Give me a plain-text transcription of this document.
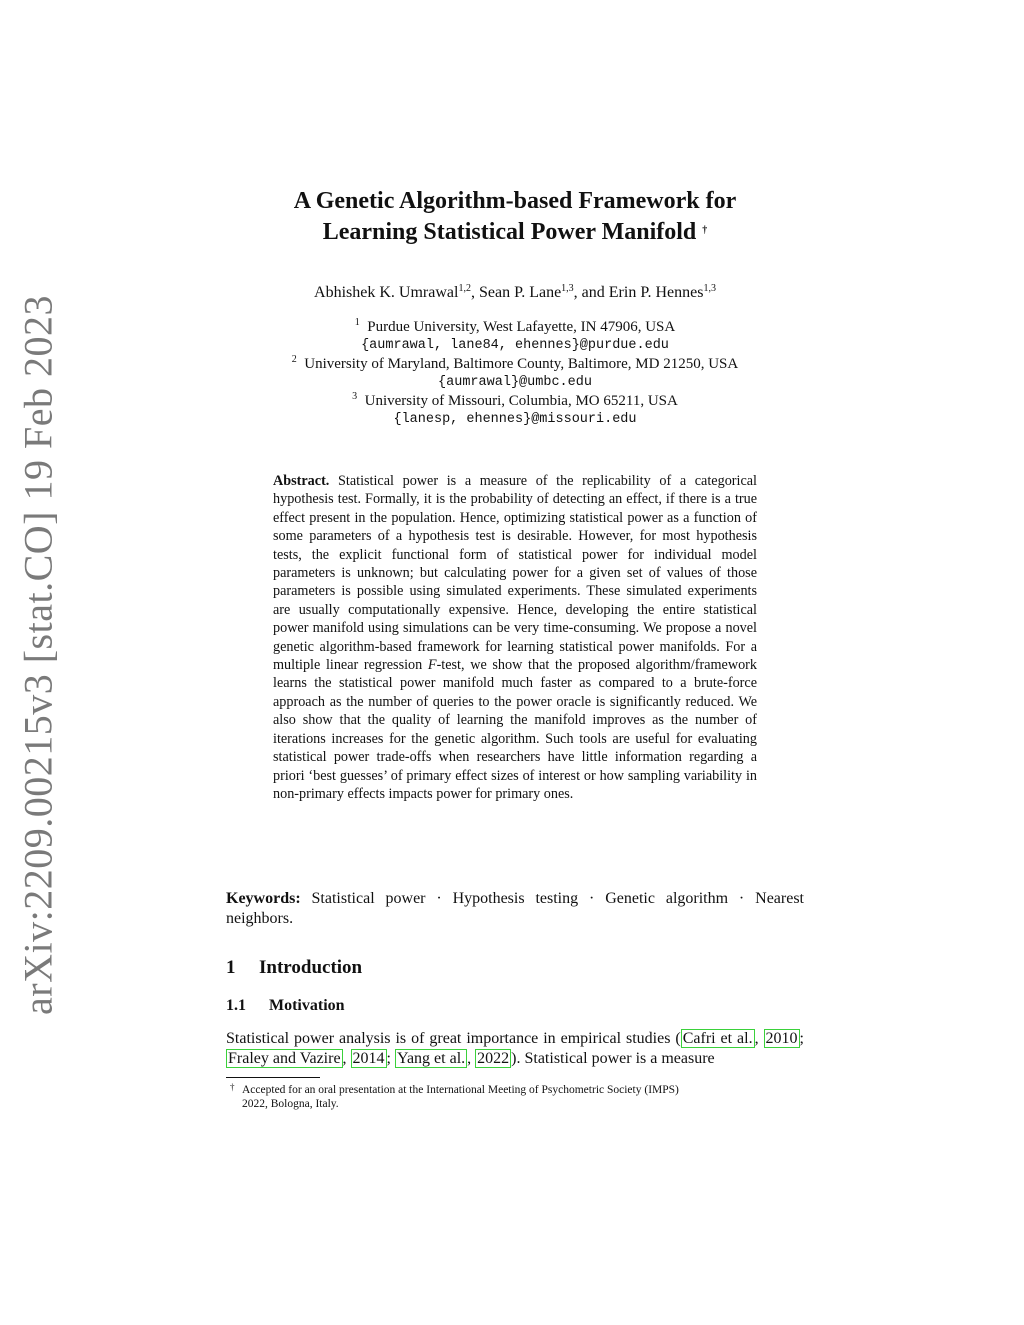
arXiv:2209.00215v3 [stat.CO] 19 Feb 2023
A Genetic Algorithm-based Framework for
Learning Statistical Power Manifold †
Abhishek K. Umrawal$^{1,2}$, Sean P. Lane$^{1,3}$, and Erin P. Hennes$^{1,3}$
$^1$ Purdue University, West Lafayette, IN 47906, USA
{aumrawal, lane84, ehennes}@purdue.edu
$^2$ University of Maryland, Baltimore County, Baltimore, MD 21250, USA
{aumrawal}@umbc.edu
$^3$ University of Missouri, Columbia, MO 65211, USA
{lanesp, ehennes}@missouri.edu
Abstract. Statistical power is a measure of the replicability of a categorical hypothesis test. Formally, it is the probability of detecting an effect, if there is a true effect present in the population. Hence, optimizing statistical power as a function of some parameters of a hypothesis test is desirable. However, for most hypothesis tests, the explicit functional form of statistical power for individual model parameters is unknown; but calculating power for a given set of values of those parameters is possible using simulated experiments. These simulated experiments are usually computationally expensive. Hence, developing the entire statistical power manifold using simulations can be very time-consuming. We propose a novel genetic algorithm-based framework for learning statistical power manifolds. For a multiple linear regression F-test, we show that the proposed algorithm/framework learns the statistical power manifold much faster as compared to a brute-force approach as the number of queries to the power oracle is significantly reduced. We also show that the quality of learning the manifold improves as the number of iterations increases for the genetic algorithm. Such tools are useful for evaluating statistical power trade-offs when researchers have little information regarding a priori ‘best guesses’ of primary effect sizes of interest or how sampling variability in non-primary effects impacts power for primary ones.
Keywords: Statistical power · Hypothesis testing · Genetic algorithm · Nearest neighbors.
1 Introduction
1.1 Motivation
Statistical power analysis is of great importance in empirical studies ( Cafri et al. , 2010 ; Fraley and Vazire , 2014 ; Yang et al. , 2022 ). Statistical power is a measure
† Accepted for an oral presentation at the International Meeting of Psychometric Society (IMPS)
2022, Bologna, Italy.
